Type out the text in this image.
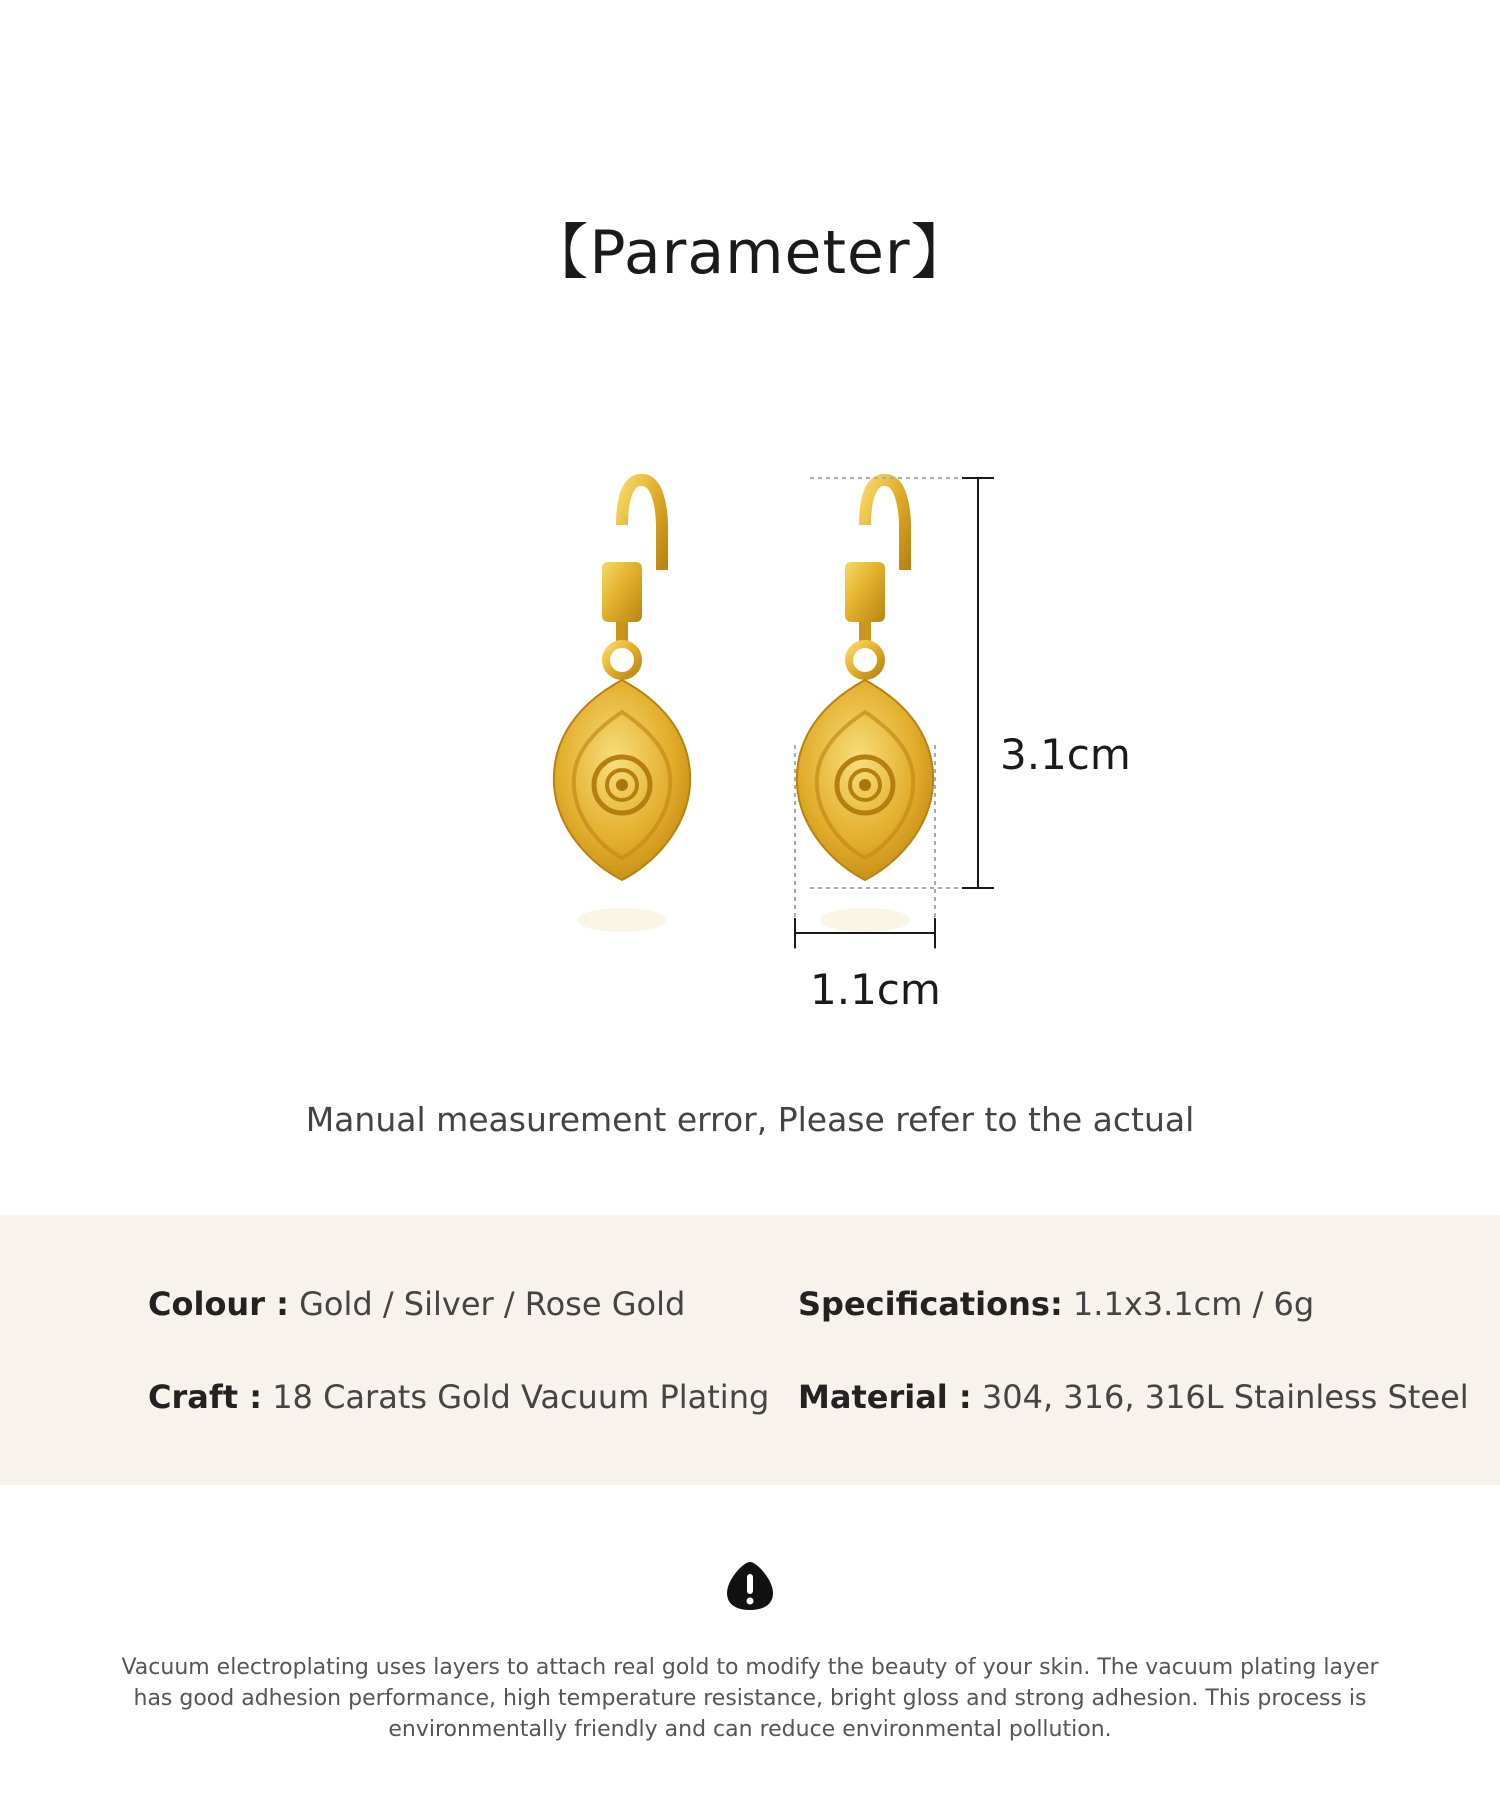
【Parameter】
3.1cm
1.1cm
Manual measurement error, Please refer to the actual
Colour : Gold / Silver / Rose Gold	Specifications: 1.1x3.1cm / 6g
Craft : 18 Carats Gold Vacuum Plating Material : 304, 316, 316L Stainless Steel
Vacuum electroplating uses layers to attach real gold to modify the beauty of your skin. The vacuum plating layer has good adhesion performance, high temperature resistance, bright gloss and strong adhesion. This process is environmentally friendly and can reduce environmental pollution.
